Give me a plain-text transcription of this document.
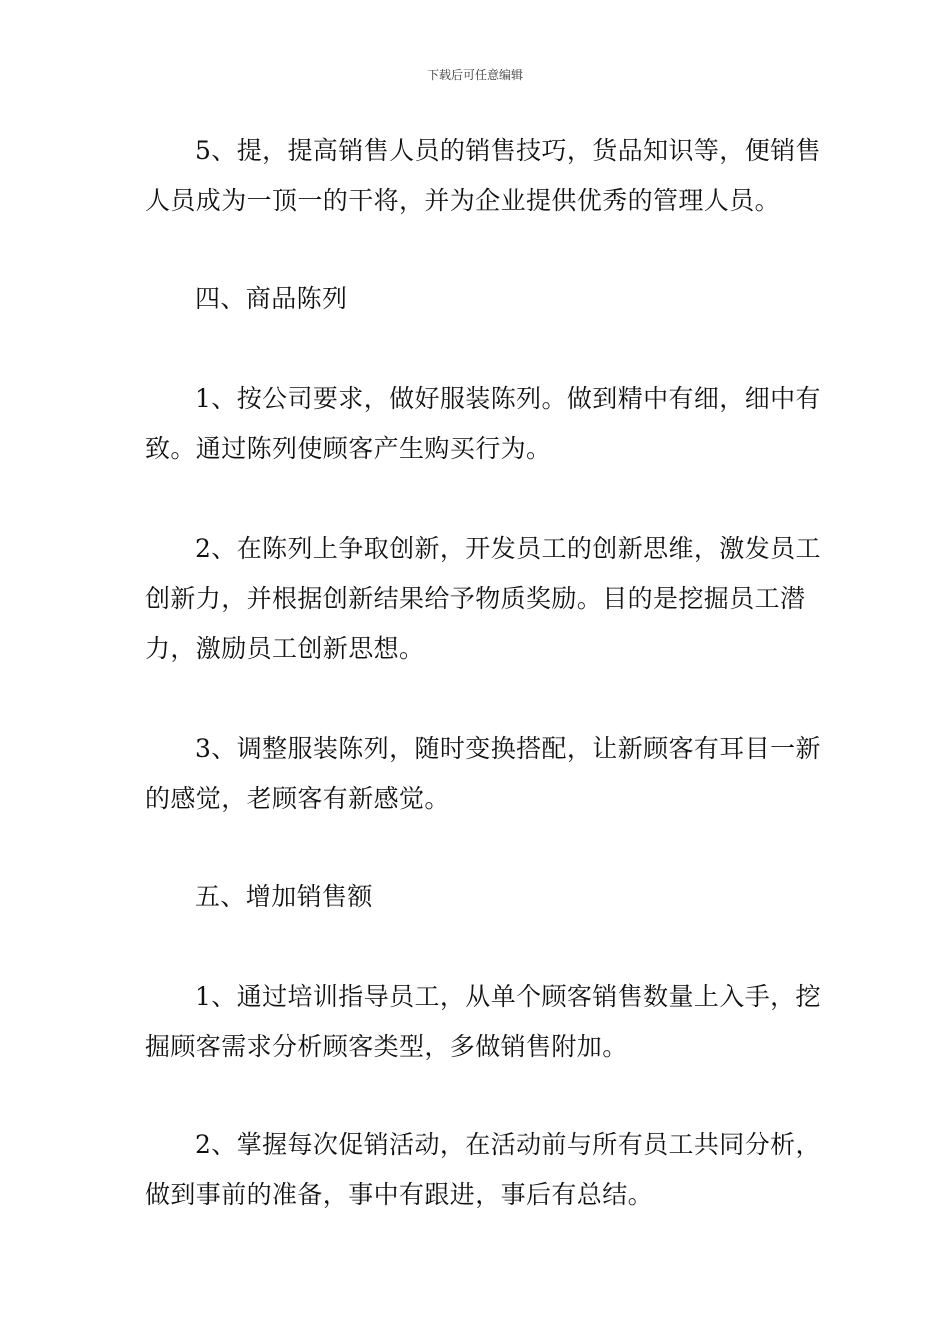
下载后可任意编辑

5、提，提高销售人员的销售技巧，货品知识等，便销售人员成为一顶一的干将，并为企业提供优秀的管理人员。

四、商品陈列

1、按公司要求，做好服装陈列。做到精中有细，细中有致。通过陈列使顾客产生购买行为。

2、在陈列上争取创新，开发员工的创新思维，激发员工创新力，并根据创新结果给予物质奖励。目的是挖掘员工潜力，激励员工创新思想。

3、调整服装陈列，随时变换搭配，让新顾客有耳目一新的感觉，老顾客有新感觉。

五、增加销售额

1、通过培训指导员工，从单个顾客销售数量上入手，挖掘顾客需求分析顾客类型，多做销售附加。

2、掌握每次促销活动，在活动前与所有员工共同分析，做到事前的准备，事中有跟进，事后有总结。
